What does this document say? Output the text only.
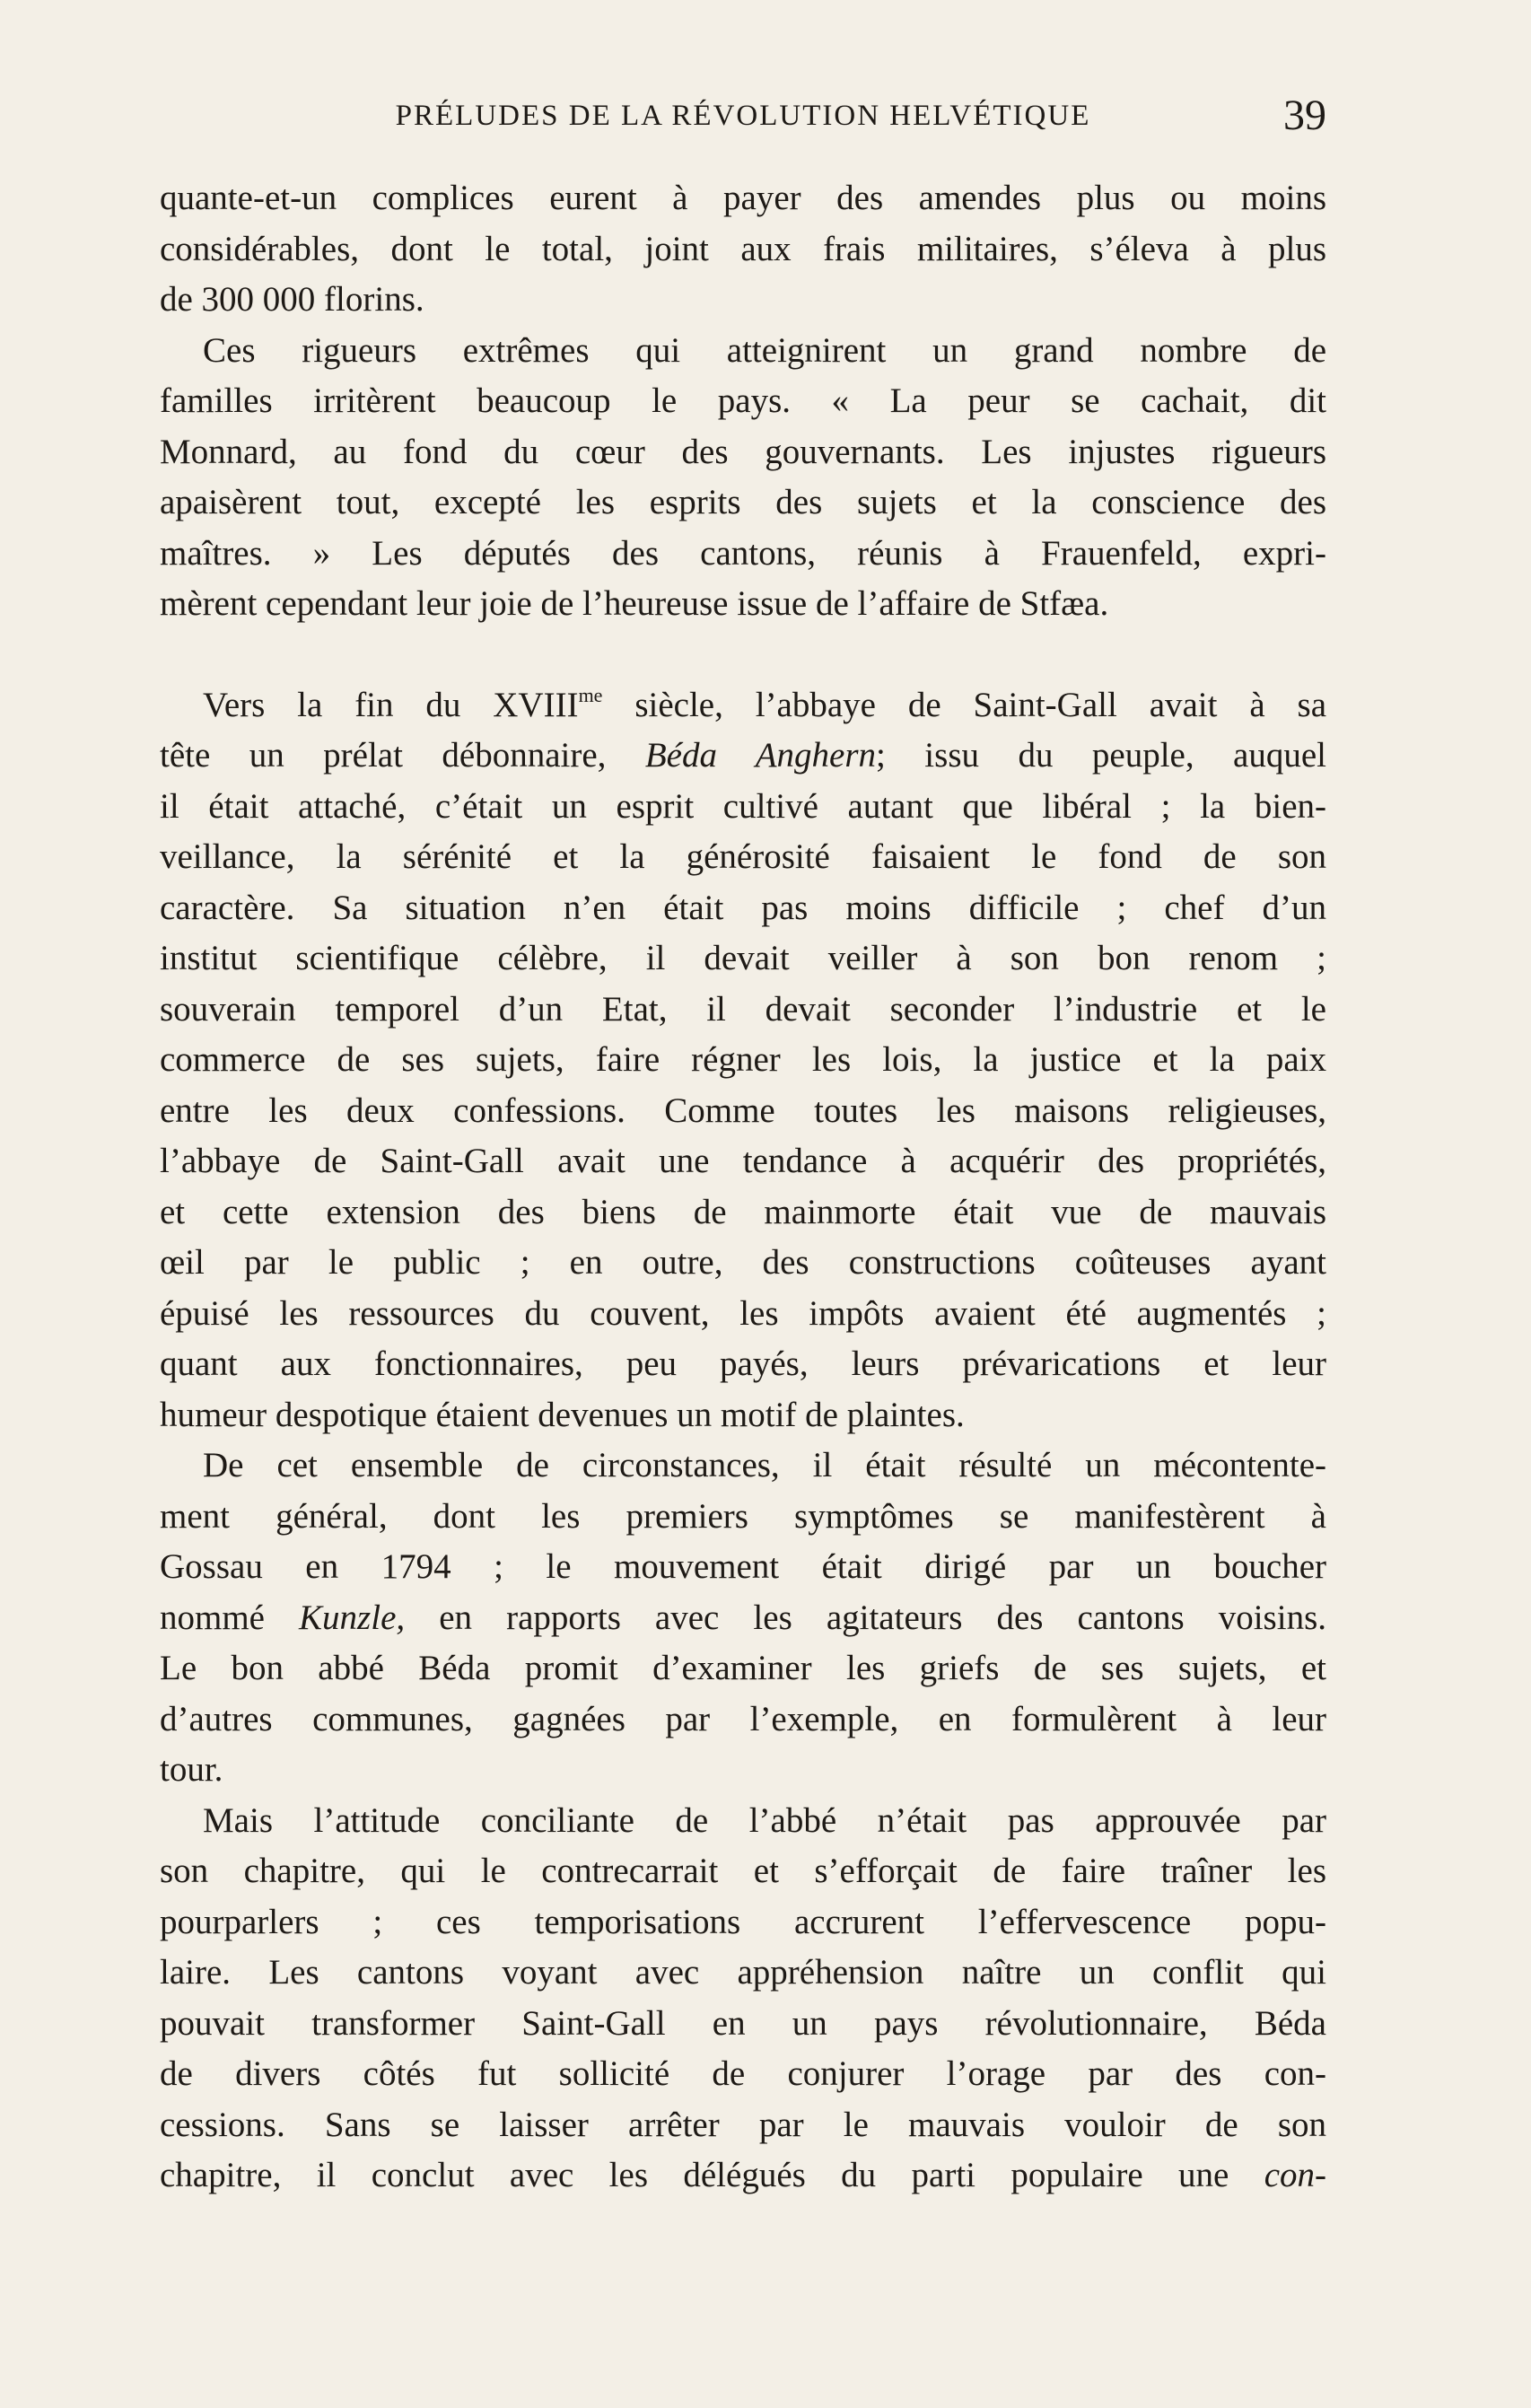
PRÉLUDES DE LA RÉVOLUTION HELVÉTIQUE	39

quante-et-un complices eurent à payer des amendes plus ou moins
considérables, dont le total, joint aux frais militaires, s’éleva à plus
de 300 000 florins.

Ces rigueurs extrêmes qui atteignirent un grand nombre de
familles irritèrent beaucoup le pays. « La peur se cachait, dit
Monnard, au fond du cœur des gouvernants. Les injustes rigueurs
apaisèrent tout, excepté les esprits des sujets et la conscience des
maîtres. » Les députés des cantons, réunis à Frauenfeld, expri-
mèrent cependant leur joie de l’heureuse issue de l’affaire de Stfæa.

Vers la fin du $XVIII^{me}$ siècle, l’abbaye de Saint-Gall avait à sa
tête un prélat débonnaire, Béda Anghern; issu du peuple, auquel
il était attaché, c’était un esprit cultivé autant que libéral ; la bien-
veillance, la sérénité et la générosité faisaient le fond de son
caractère. Sa situation n’en était pas moins difficile ; chef d’un
institut scientifique célèbre, il devait veiller à son bon renom ;
souverain temporel d’un Etat, il devait seconder l’industrie et le
commerce de ses sujets, faire régner les lois, la justice et la paix
entre les deux confessions. Comme toutes les maisons religieuses,
l’abbaye de Saint-Gall avait une tendance à acquérir des propriétés,
et cette extension des biens de mainmorte était vue de mauvais
œil par le public ; en outre, des constructions coûteuses ayant
épuisé les ressources du couvent, les impôts avaient été augmentés ;
quant aux fonctionnaires, peu payés, leurs prévarications et leur
humeur despotique étaient devenues un motif de plaintes.

De cet ensemble de circonstances, il était résulté un mécontente-
ment général, dont les premiers symptômes se manifestèrent à
Gossau en 1794 ; le mouvement était dirigé par un boucher
nommé Kunzle, en rapports avec les agitateurs des cantons voisins.
Le bon abbé Béda promit d’examiner les griefs de ses sujets, et
d’autres communes, gagnées par l’exemple, en formulèrent à leur
tour.

Mais l’attitude conciliante de l’abbé n’était pas approuvée par
son chapitre, qui le contrecarrait et s’efforçait de faire traîner les
pourparlers ; ces temporisations accrurent l’effervescence popu-
laire. Les cantons voyant avec appréhension naître un conflit qui
pouvait transformer Saint-Gall en un pays révolutionnaire, Béda
de divers côtés fut sollicité de conjurer l’orage par des con-
cessions. Sans se laisser arrêter par le mauvais vouloir de son
chapitre, il conclut avec les délégués du parti populaire une con-
